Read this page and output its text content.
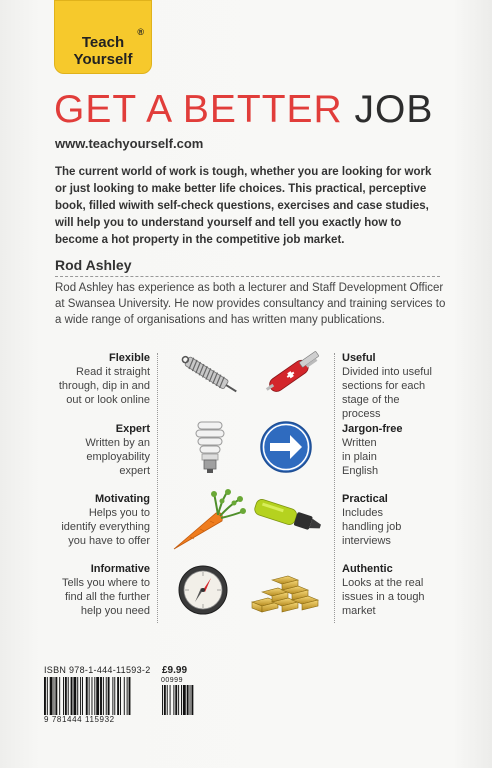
®
Teach
Yourself
GET A BETTER JOB
www.teachyourself.com

The current world of work is tough, whether you are looking for work or just looking to make better life choices. This practical, perceptive book, filled wiwith self-check questions, exercises and case studies, will help you to understand yourself and tell you exactly how to become a hot property in the competitive job market.

Rod Ashley

Rod Ashley has experience as both a lecturer and Staff Development Officer at Swansea University. He now provides consultancy and training services to a wide range of organisations and has written many publications.

Flexible
Read it straight through, dip in and out or look online
Useful
Divided into useful sections for each stage of the process
Expert
Written by an employability expert
Jargon-free
Written in plain English
Motivating
Helps you to identify everything you have to offer
Practical
Includes handling job interviews
Informative
Tells you where to find all the further help you need
Authentic
Looks at the real issues in a tough market
ISBN 978-1-444-11593-2 £9.99
00999
9 781444 115932
